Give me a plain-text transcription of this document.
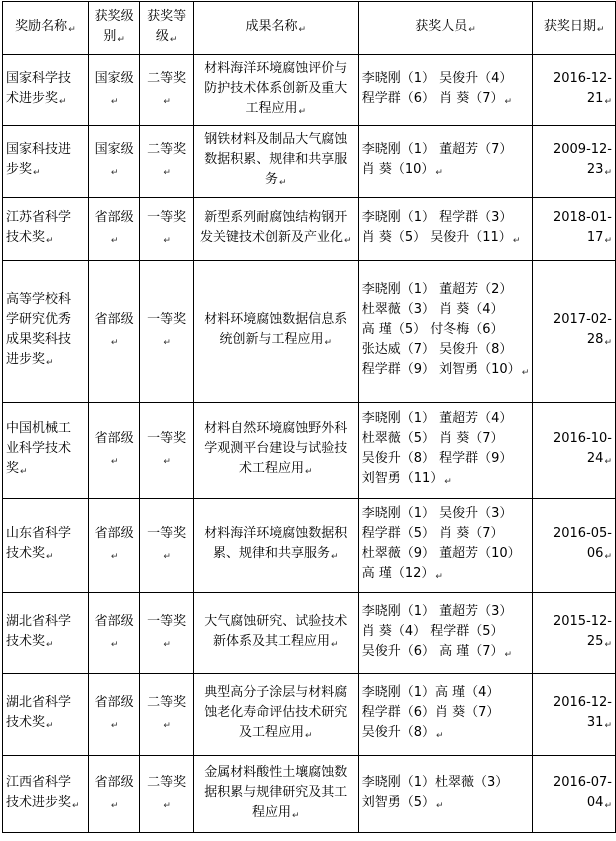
奖励名称↵	获奖级别↵	获奖等级↵	成果名称↵	获奖人员↵	获奖日期↵

国家科学技
术进步奖↵	国家级↵	二等奖↵	材料海洋环境腐蚀评价与
防护技术体系创新及重大
工程应用↵	李晓刚（1） 吴俊升（4）
程学群（6） 肖 葵（7）↵	2016-12-
21↵

国家科技进
步奖↵	国家级↵	二等奖↵	钢铁材料及制品大气腐蚀
数据积累、规律和共享服
务↵	李晓刚（1） 董超芳（7）
肖 葵（10）↵	2009-12-
23↵

江苏省科学
技术奖↵	省部级↵	一等奖↵	新型系列耐腐蚀结构钢开
发关键技术创新及产业化↵	李晓刚（1） 程学群（3）
肖 葵（5） 吴俊升（11）↵	2018-01-
17↵

高等学校科
学研究优秀
成果奖科技
进步奖↵	省部级↵	一等奖↵	材料环境腐蚀数据信息系
统创新与工程应用↵	李晓刚（1） 董超芳（2）
杜翠薇（3） 肖 葵（4）
高 瑾（5） 付冬梅（6）
张达威（7） 吴俊升（8）
程学群（9） 刘智勇（10）↵	2017-02-
28↵

中国机械工
业科学技术
奖↵	省部级↵	一等奖↵	材料自然环境腐蚀野外科
学观测平台建设与试验技
术工程应用↵	李晓刚（1） 董超芳（4）
杜翠薇（5） 肖 葵（7）
吴俊升（8） 程学群（9）
刘智勇（11）↵	2016-10-
24↵

山东省科学
技术奖↵	省部级↵	一等奖↵	材料海洋环境腐蚀数据积
累、规律和共享服务↵	李晓刚（1） 吴俊升（3）
程学群（5） 肖 葵（7）
杜翠薇（9） 董超芳（10）
高 瑾（12）↵	2016-05-
06↵

湖北省科学
技术奖↵	省部级↵	一等奖↵	大气腐蚀研究、试验技术
新体系及其工程应用↵	李晓刚（1） 董超芳（3）
肖 葵（4） 程学群（5）
吴俊升（6） 高 瑾（7）↵	2015-12-
25↵

湖北省科学
技术奖↵	省部级↵	二等奖↵	典型高分子涂层与材料腐
蚀老化寿命评估技术研究
及工程应用↵	李晓刚（1）高 瑾（4）
程学群（6）肖 葵（7）
吴俊升（8）↵	2016-12-
31↵

江西省科学
技术进步奖↵	省部级↵	二等奖↵	金属材料酸性土壤腐蚀数
据积累与规律研究及其工
程应用↵	李晓刚（1）杜翠薇（3）
刘智勇（5）↵	2016-07-
04↵
